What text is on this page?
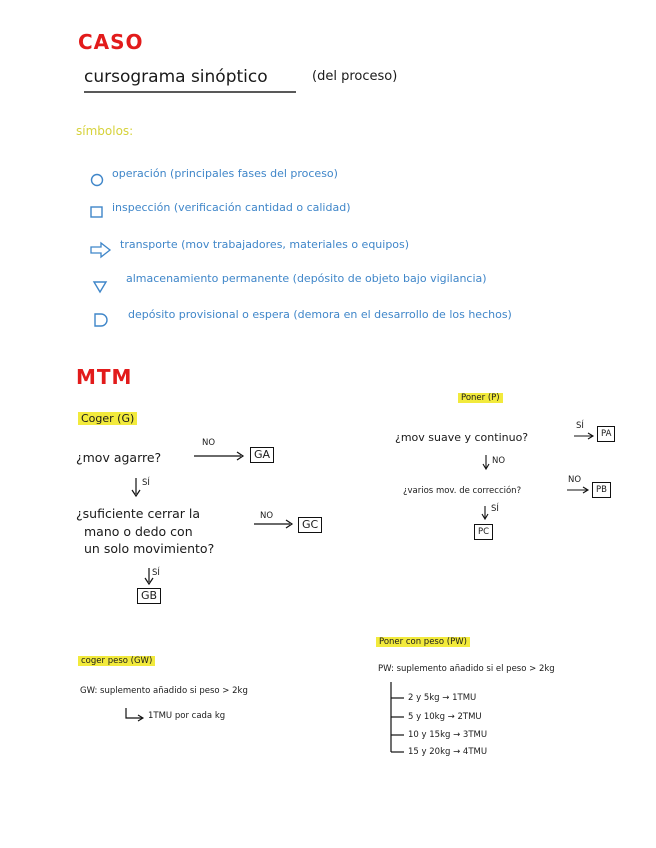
CASO
cursograma sinóptico	(del proceso)
símbolos:
operación (principales fases del proceso)
inspección (verificación cantidad o calidad)
transporte (mov trabajadores, materiales o equipos)
almacenamiento permanente (depósito de objeto bajo vigilancia)
depósito provisional o espera (demora en el desarrollo de los hechos)
MTM
Coger (G)
¿mov agarre?
NO
GA
SÍ
¿suficiente cerrar la
mano o dedo con
un solo movimiento?
NO
GC
SÍ
GB
Poner (P)
¿mov suave y continuo?
SÍ
PA
NO
¿varios mov. de corrección?
NO
PB
SÍ
PC
coger peso (GW)
GW: suplemento añadido si peso > 2kg
1TMU por cada kg
Poner con peso (PW)
PW: suplemento añadido si el peso > 2kg
2 y 5kg → 1TMU
5 y 10kg → 2TMU
10 y 15kg → 3TMU
15 y 20kg → 4TMU
